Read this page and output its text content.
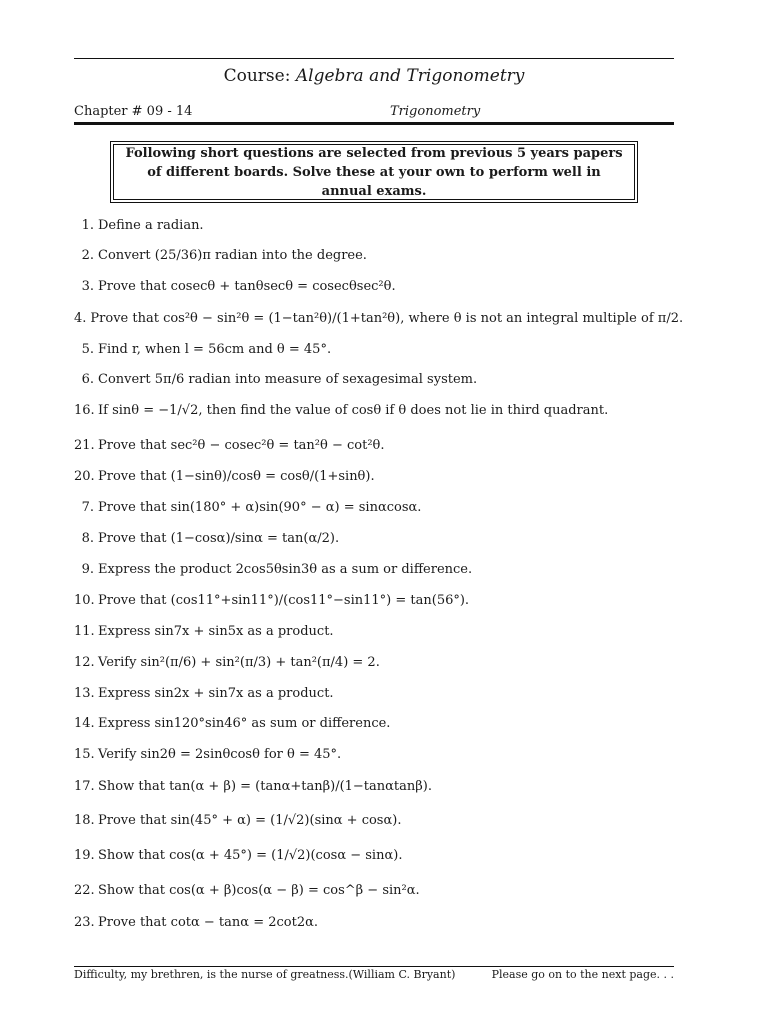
Course: Algebra and Trigonometry
Chapter # 09 - 14	Trigonometry
Following short questions are selected from previous 5 years papers of different boards. Solve these at your own to perform well in annual exams.
1. Define a radian.
2. Convert (25/36)π radian into the degree.
3. Prove that cosecθ + tanθsecθ = cosecθsec²θ.
4. Prove that cos²θ − sin²θ = (1−tan²θ)/(1+tan²θ), where θ is not an integral multiple of π/2.
5. Find r, when l = 56cm and θ = 45°.
6. Convert 5π/6 radian into measure of sexagesimal system.
16. If sinθ = −1/√2, then find the value of cosθ if θ does not lie in third quadrant.
21. Prove that sec²θ − cosec²θ = tan²θ − cot²θ.
20. Prove that (1−sinθ)/cosθ = cosθ/(1+sinθ).
7. Prove that sin(180° + α)sin(90° − α) = sinαcosα.
8. Prove that (1−cosα)/sinα = tan(α/2).
9. Express the product 2cos5θsin3θ as a sum or difference.
10. Prove that (cos11°+sin11°)/(cos11°−sin11°) = tan(56°).
11. Express sin7x + sin5x as a product.
12. Verify sin²(π/6) + sin²(π/3) + tan²(π/4) = 2.
13. Express sin2x + sin7x as a product.
14. Express sin120°sin46° as sum or difference.
15. Verify sin2θ = 2sinθcosθ for θ = 45°.
17. Show that tan(α + β) = (tanα+tanβ)/(1−tanαtanβ).
18. Prove that sin(45° + α) = (1/√2)(sinα + cosα).
19. Show that cos(α + 45°) = (1/√2)(cosα − sinα).
22. Show that cos(α + β)cos(α − β) = cos^β − sin²α.
23. Prove that cotα − tanα = 2cot2α.
Difficulty, my brethren, is the nurse of greatness.(William C. Bryant)	Please go on to the next page. . .
